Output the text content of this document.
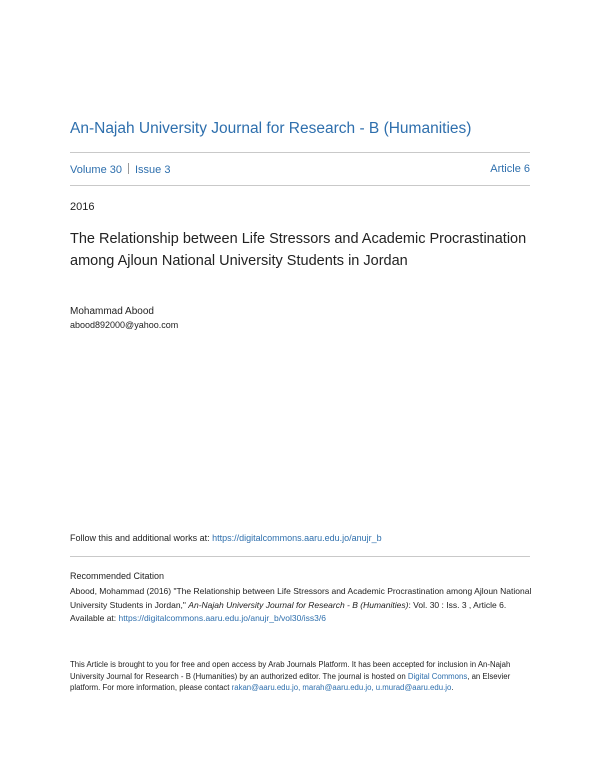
An-Najah University Journal for Research - B (Humanities)
Volume 30 Issue 3	Article 6
2016
The Relationship between Life Stressors and Academic Procrastination among Ajloun National University Students in Jordan
Mohammad Abood
abood892000@yahoo.com
Follow this and additional works at: https://digitalcommons.aaru.edu.jo/anujr_b
Recommended Citation
Abood, Mohammad (2016) "The Relationship between Life Stressors and Academic Procrastination among Ajloun National University Students in Jordan," An-Najah University Journal for Research - B (Humanities): Vol. 30 : Iss. 3 , Article 6.
Available at: https://digitalcommons.aaru.edu.jo/anujr_b/vol30/iss3/6
This Article is brought to you for free and open access by Arab Journals Platform. It has been accepted for inclusion in An-Najah University Journal for Research - B (Humanities) by an authorized editor. The journal is hosted on Digital Commons, an Elsevier platform. For more information, please contact rakan@aaru.edu.jo, marah@aaru.edu.jo, u.murad@aaru.edu.jo.
